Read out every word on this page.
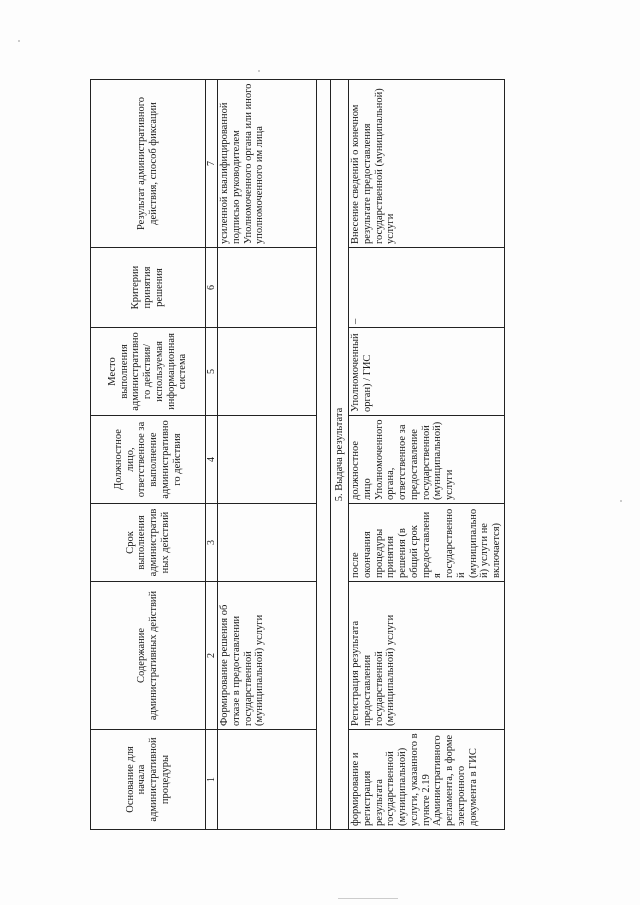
Основание для начала административной процедуры	Содержание административных действий	Срок выполнения административных действий	Должностное лицо, ответственное за выполнение административного действия	Место выполнения административного действия/ используемая информационная система	Критерии принятия решения	Результат административного действия, способ фиксации
1	2	3	4	5	6	7
	Формирование решения об отказе в предоставлении государственной (муниципальной) услуги					усиленной квалифицированной подписью руководителем Уполномоченного органа или иного уполномоченного им лица

5. Выдача результата						
формирование и регистрация результата государственной (муниципальной) услуги, указанного в пункте 2.19 Административного регламента, в форме электронного документа в ГИС	Регистрация результата предоставления государственной (муниципальной) услуги	после окончания процедуры принятия решения (в общий срок предоставления государственной (муниципальной) услуги не включается)	должностное лицо Уполномоченного органа, ответственное за предоставление государственной (муниципальной) услуги	Уполномоченный орган) / ГИС	–	Внесение сведений о конечном результате предоставления государственной (муниципальной) услуги
